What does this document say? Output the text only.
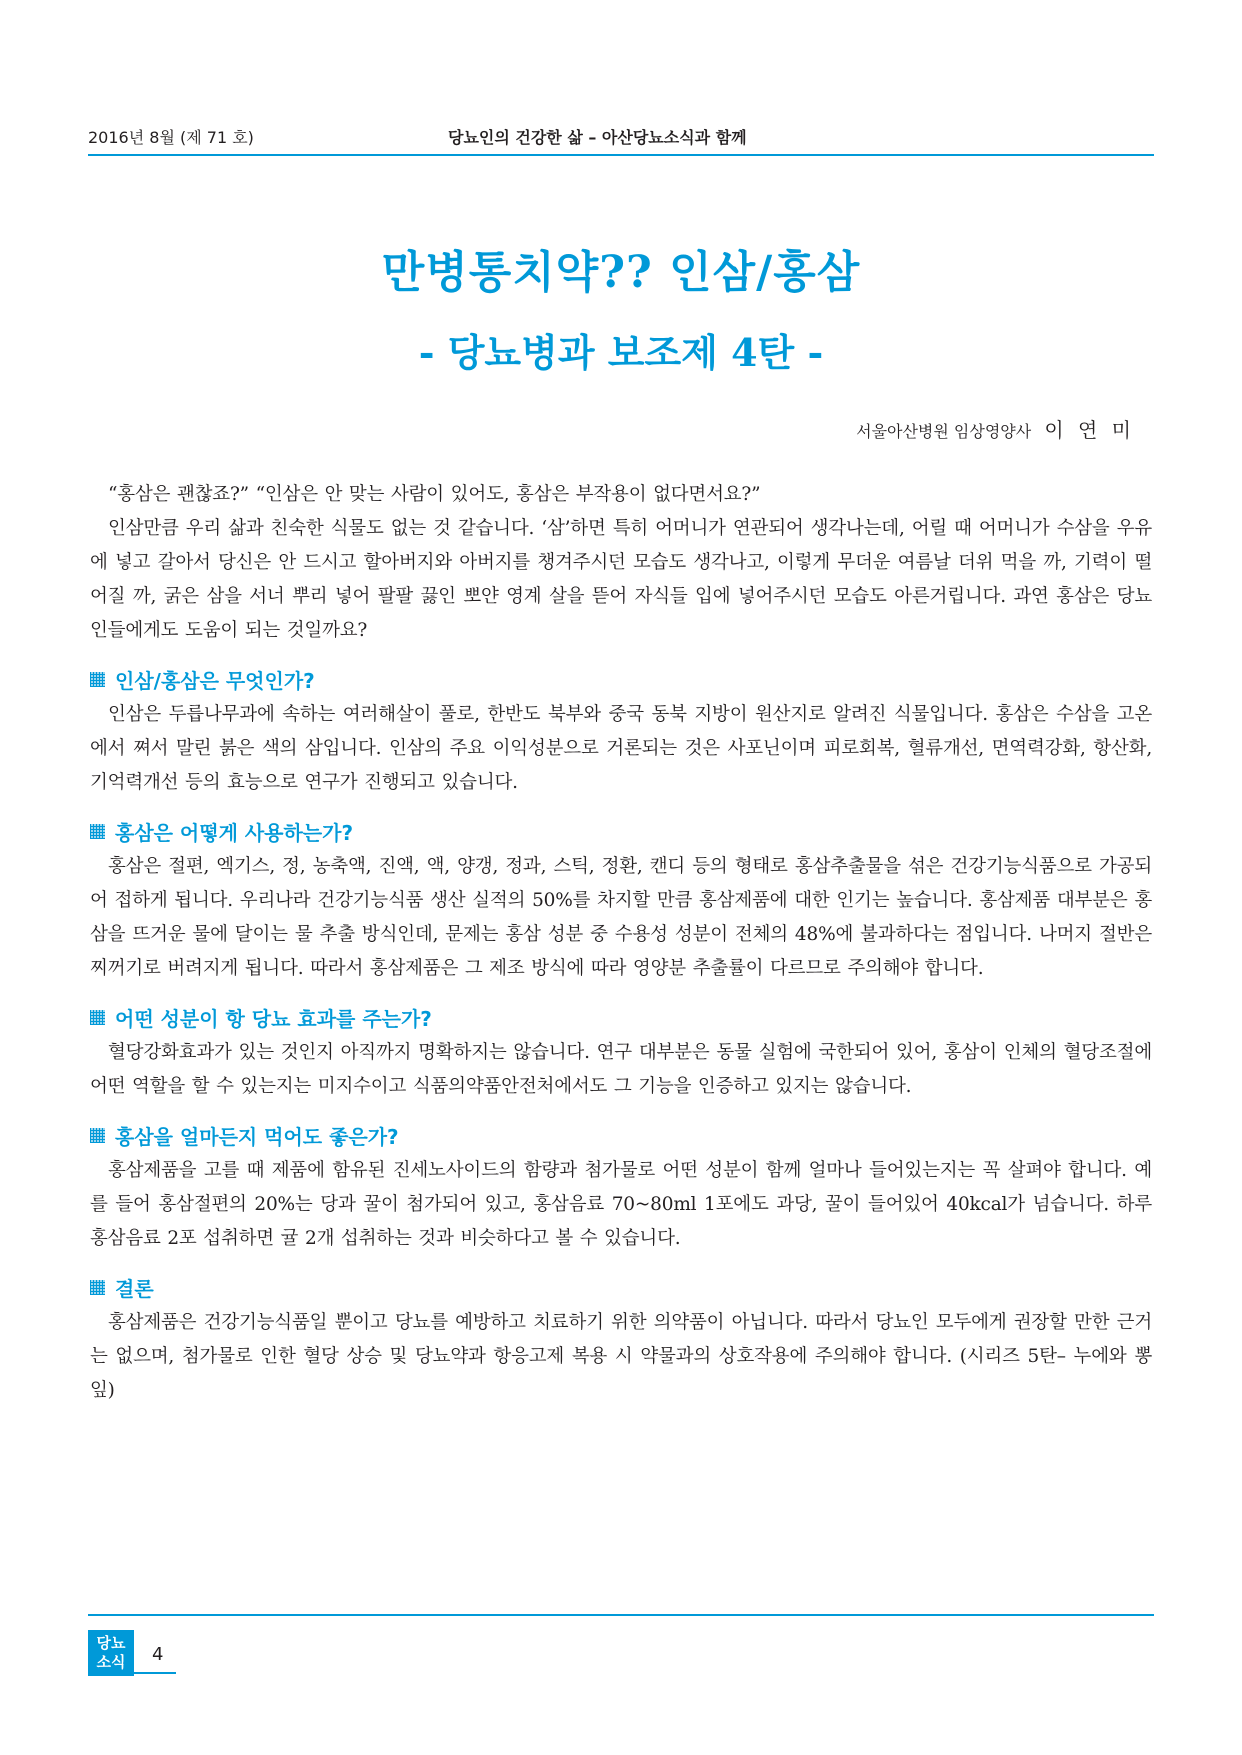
2016년 8월 (제 71 호)	당뇨인의 건강한 삶 – 아산당뇨소식과 함께
만병통치약?? 인삼/홍삼
- 당뇨병과 보조제 4탄 -
서울아산병원 임상영양사 이 연 미

“홍삼은 괜찮죠?” “인삼은 안 맞는 사람이 있어도, 홍삼은 부작용이 없다면서요?”

인삼만큼 우리 삶과 친숙한 식물도 없는 것 같습니다. ‘삼’하면 특히 어머니가 연관되어 생각나는데, 어릴 때 어머니가 수삼을 우유에 넣고 갈아서 당신은 안 드시고 할아버지와 아버지를 챙겨주시던 모습도 생각나고, 이렇게 무더운 여름날 더위 먹을 까, 기력이 떨어질 까, 굵은 삼을 서너 뿌리 넣어 팔팔 끓인 뽀얀 영계 살을 뜯어 자식들 입에 넣어주시던 모습도 아른거립니다. 과연 홍삼은 당뇨인들에게도 도움이 되는 것일까요?

인삼/홍삼은 무엇인가?

인삼은 두릅나무과에 속하는 여러해살이 풀로, 한반도 북부와 중국 동북 지방이 원산지로 알려진 식물입니다. 홍삼은 수삼을 고온에서 쪄서 말린 붉은 색의 삼입니다. 인삼의 주요 이익성분으로 거론되는 것은 사포닌이며 피로회복, 혈류개선, 면역력강화, 항산화, 기억력개선 등의 효능으로 연구가 진행되고 있습니다.

홍삼은 어떻게 사용하는가?

홍삼은 절편, 엑기스, 정, 농축액, 진액, 액, 양갱, 정과, 스틱, 정환, 캔디 등의 형태로 홍삼추출물을 섞은 건강기능식품으로 가공되어 접하게 됩니다. 우리나라 건강기능식품 생산 실적의 50%를 차지할 만큼 홍삼제품에 대한 인기는 높습니다. 홍삼제품 대부분은 홍삼을 뜨거운 물에 달이는 물 추출 방식인데, 문제는 홍삼 성분 중 수용성 성분이 전체의 48%에 불과하다는 점입니다. 나머지 절반은 찌꺼기로 버려지게 됩니다. 따라서 홍삼제품은 그 제조 방식에 따라 영양분 추출률이 다르므로 주의해야 합니다.

어떤 성분이 항 당뇨 효과를 주는가?

혈당강화효과가 있는 것인지 아직까지 명확하지는 않습니다. 연구 대부분은 동물 실험에 국한되어 있어, 홍삼이 인체의 혈당조절에 어떤 역할을 할 수 있는지는 미지수이고 식품의약품안전처에서도 그 기능을 인증하고 있지는 않습니다.

홍삼을 얼마든지 먹어도 좋은가?

홍삼제품을 고를 때 제품에 함유된 진세노사이드의 함량과 첨가물로 어떤 성분이 함께 얼마나 들어있는지는 꼭 살펴야 합니다. 예를 들어 홍삼절편의 20%는 당과 꿀이 첨가되어 있고, 홍삼음료 70~80ml 1포에도 과당, 꿀이 들어있어 40kcal가 넘습니다. 하루 홍삼음료 2포 섭취하면 귤 2개 섭취하는 것과 비슷하다고 볼 수 있습니다.

결론

홍삼제품은 건강기능식품일 뿐이고 당뇨를 예방하고 치료하기 위한 의약품이 아닙니다. 따라서 당뇨인 모두에게 권장할 만한 근거는 없으며, 첨가물로 인한 혈당 상승 및 당뇨약과 항응고제 복용 시 약물과의 상호작용에 주의해야 합니다. (시리즈 5탄– 누에와 뽕잎)

당뇨
소식	4
